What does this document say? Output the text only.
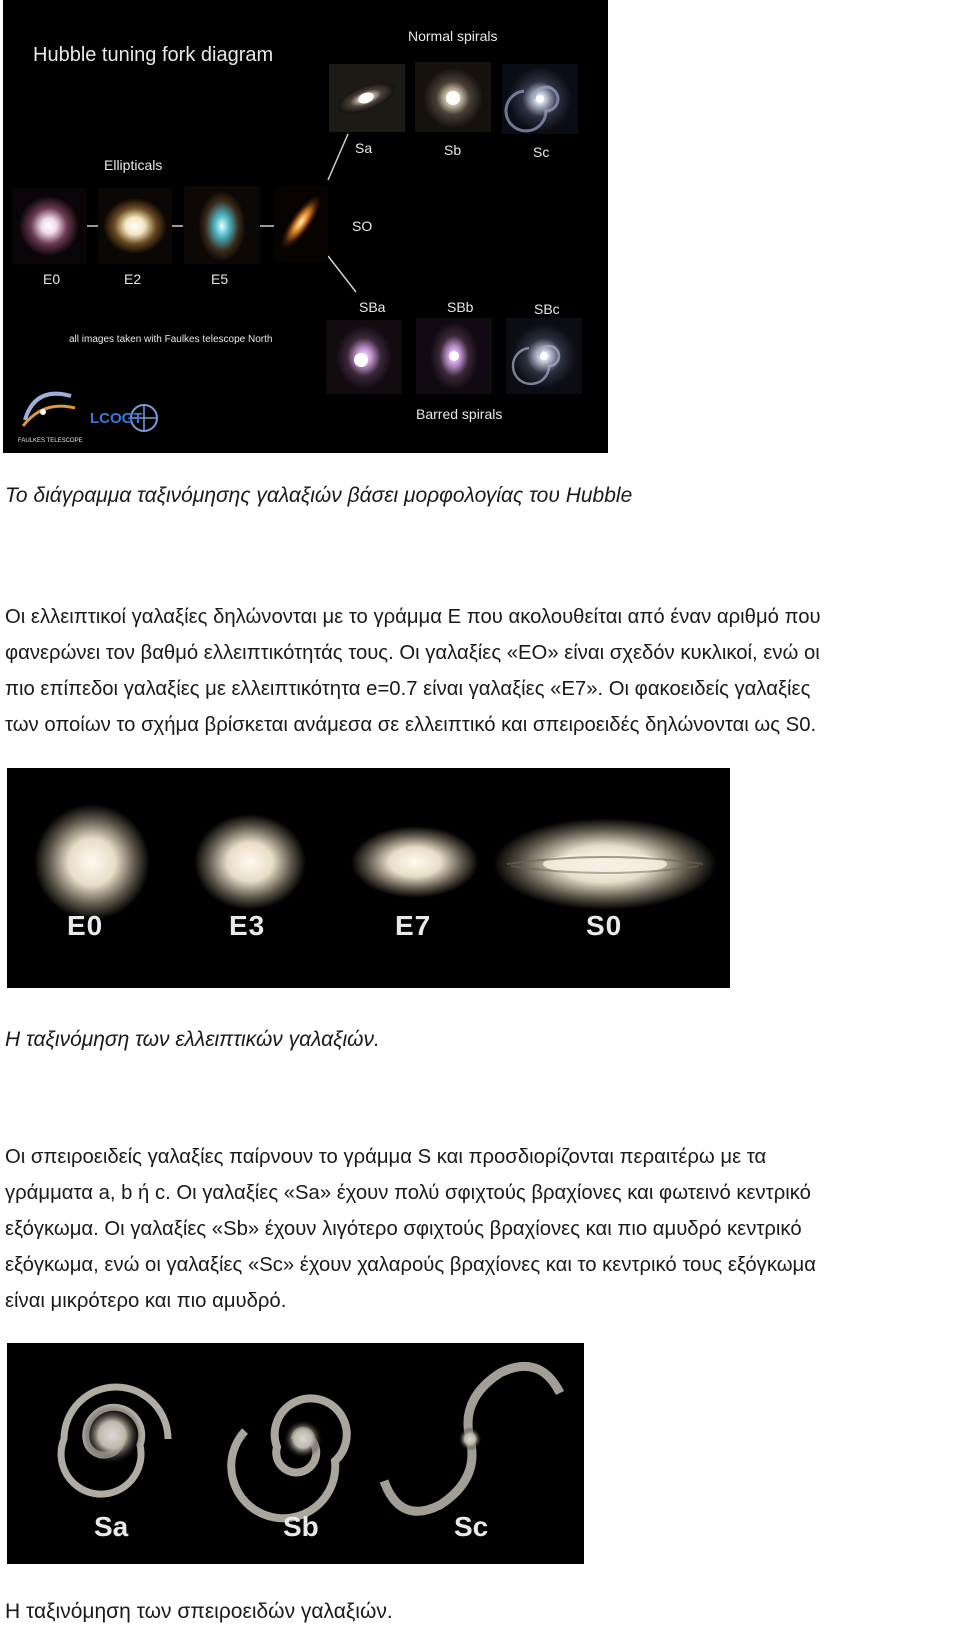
Hubble tuning fork diagram
Normal spirals
Ellipticals
Sa	Sb	Sc
E0	E2	E5
SO
SBa	SBb	SBc
all images taken with Faulkes telescope North
Barred spirals
FAULKES TELESCOPE
LCOGT
Το διάγραμμα ταξινόμησης γαλαξιών βάσει μορφολογίας του Hubble
Οι ελλειπτικοί γαλαξίες δηλώνονται με το γράμμα Ε που ακολουθείται από έναν αριθμό που
φανερώνει τον βαθμό ελλειπτικότητάς τους. Οι γαλαξίες «ΕΟ» είναι σχεδόν κυκλικοί, ενώ οι
πιο επίπεδοι γαλαξίες με ελλειπτικότητα e=0.7 είναι γαλαξίες «Ε7». Οι φακοειδείς γαλαξίες
των οποίων το σχήμα βρίσκεται ανάμεσα σε ελλειπτικό και σπειροειδές δηλώνονται ως S0.
E0	E3	E7	S0
Η ταξινόμηση των ελλειπτικών γαλαξιών.
Οι σπειροειδείς γαλαξίες παίρνουν το γράμμα S και προσδιορίζονται περαιτέρω με τα
γράμματα a, b ή c. Οι γαλαξίες «Sa» έχουν πολύ σφιχτούς βραχίονες και φωτεινό κεντρικό
εξόγκωμα. Οι γαλαξίες «Sb» έχουν λιγότερο σφιχτούς βραχίονες και πιο αμυδρό κεντρικό
εξόγκωμα, ενώ οι γαλαξίες «Sc» έχουν χαλαρούς βραχίονες και το κεντρικό τους εξόγκωμα
είναι μικρότερο και πιο αμυδρό.
Sa	Sb	Sc
Η ταξινόμηση των σπειροειδών γαλαξιών.
